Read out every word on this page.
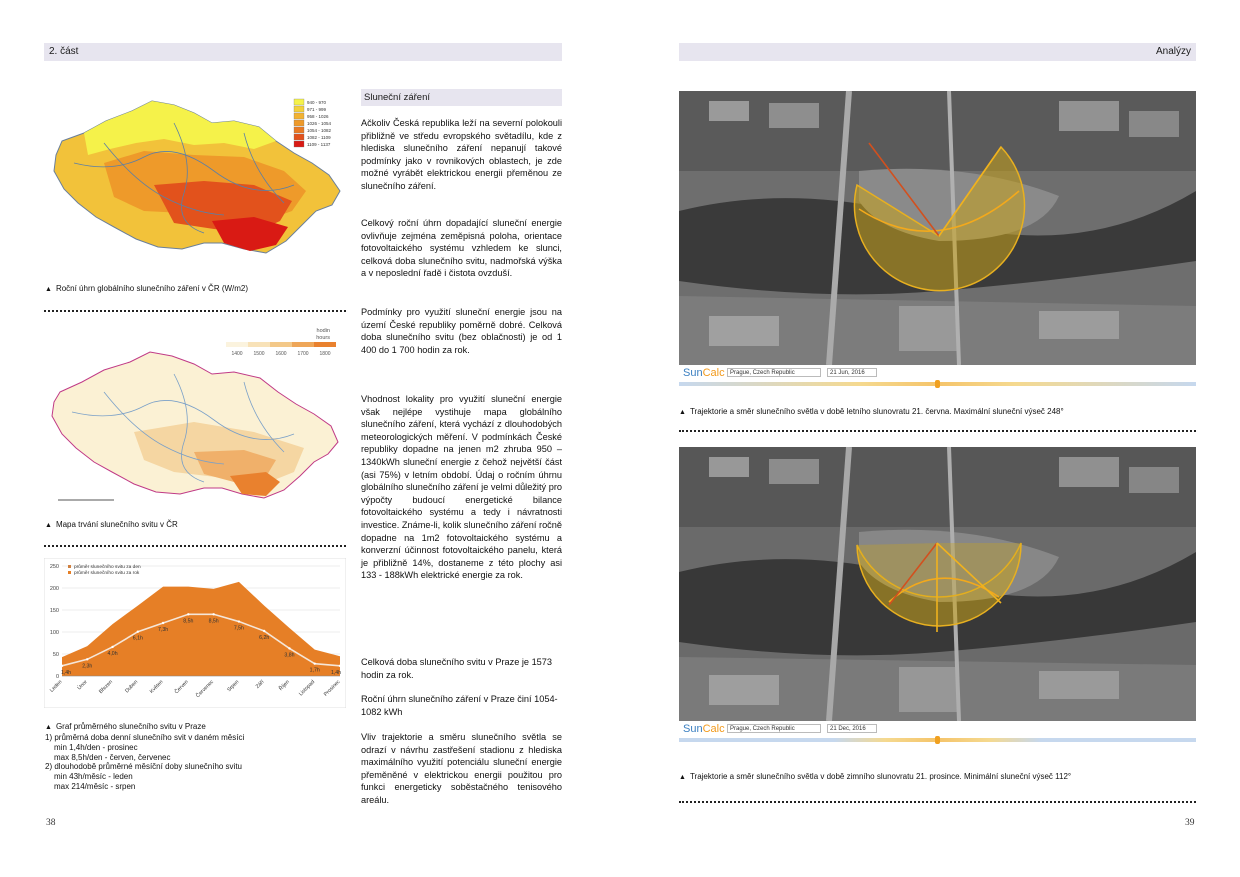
2. část	Analýzy
940 - 970
971 - 999
958 - 1026
1026 - 1054
1054 - 1082
1082 - 1109
1109 - 1137
▲ Roční úhrn globálního slunečního záření v ČR (W/m2)
hodin
hours
1400 1500 1600 1700 1800
▲ Mapa trvání slunečního svitu v ČR
0
50
100
150
200
250
1,4h
2,3h
4,0h
6,1h
7,3h
8,5h	8,5h
7,5h
6,2h
3,8h
1,7h 1,4h
Leden	Únor Březen Duben Květen Červen Červenec Srpen	Září Říjen Listopad Prosinec
průměr slunečního svitu za den
průměr slunečního svitu za rok
▲ Graf průměrného slunečního svitu v Praze
1) průměrná doba denní slunečního svit v daném měsíci
min 1,4h/den - prosinec
max 8,5h/den - červen, červenec
2) dlouhodobě průměrné měsíční doby slunečního svitu
min 43h/měsíc - leden
max 214/měsíc - srpen
Sluneční záření
Ačkoliv Česká republika leží na severní polokouli přibližně ve středu evropského světadílu, kde z hlediska slunečního záření nepanují takové podmínky jako v rovnikových oblastech, je zde možné vyrábět elektrickou energii přeměnou ze slunečního záření.
Celkový roční úhrn dopadající sluneční energie ovlivňuje zejména zeměpisná poloha, orientace fotovoltaického systému vzhledem ke slunci, celková doba slunečního svitu, nadmořská výška a v neposlední řadě i čistota ovzduší.
Podmínky pro využití sluneční energie jsou na území České republiky poměrně dobré. Celková doba slunečního svitu (bez oblačnosti) je od 1 400 do 1 700 hodin za rok.
Vhodnost lokality pro využití sluneční energie však nejlépe vystihuje mapa globálního slunečního záření, která vychází z dlouhodobých meteorologických měření. V podmínkách České republiky dopadne na jenen m2 zhruba 950 – 1340kWh sluneční energie z čehož největší část (asi 75%) v letním období. Údaj o ročním úhrnu globálního slunečního záření je velmi důležitý pro výpočty budoucí energetické bilance fotovoltaického systému a tedy i návratnosti investice. Známe-li, kolik slunečního záření ročně dopadne na 1m2 fotovoltaického systému a konverzní účinnost fotovoltaického panelu, která je přibližně 14%, dostaneme z této plochy asi 133 - 188kWh elektrické energie za rok.
Celková doba slunečního svitu v Praze je 1573 hodin za rok.
Roční úhrn slunečního záření v Praze činí 1054-1082 kWh
Vliv trajektorie a směru slunečního světla se odrazí v návrhu zastřešení stadionu z hlediska maximálního využití potenciálu sluneční energie přeměněné v elektrickou energii použitou pro funkci energeticky soběstačného tenisového areálu.
38
SunCalc Prague, Czech Republic	21 Jun, 2016
▲ Trajektorie a směr slunečního světla v době letního slunovratu 21. června. Maximální sluneční výseč 248°
SunCalc Prague, Czech Republic	21 Dec, 2016
▲ Trajektorie a směr slunečního světla v době zimního slunovratu 21. prosince. Minimální sluneční výseč 112°
39
